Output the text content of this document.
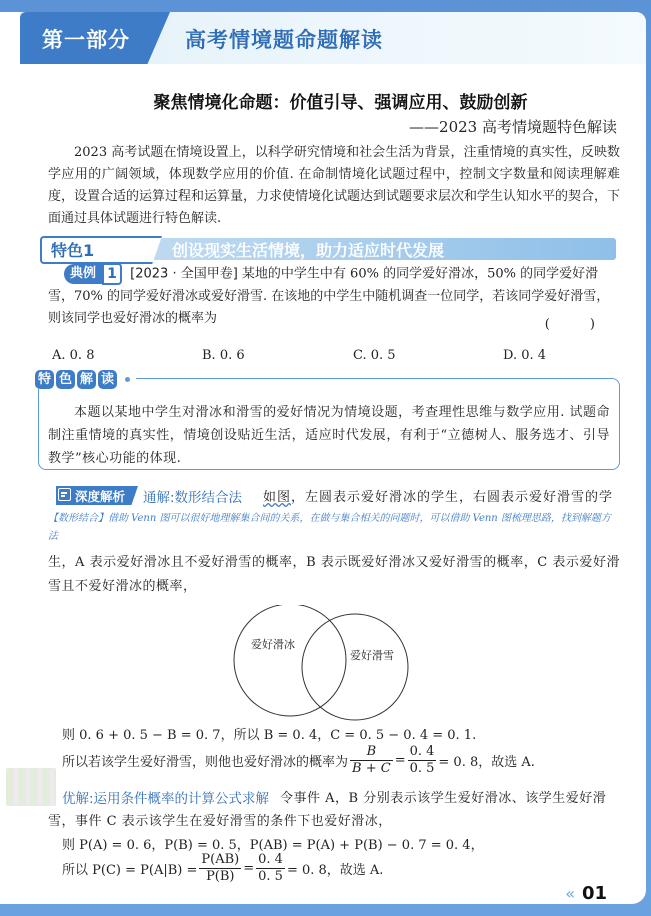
第一部分	高考情境题命题解读
聚焦情境化命题：价值引导、强调应用、鼓励创新
——2023 高考情境题特色解读
2023 高考试题在情境设置上，以科学研究情境和社会生活为背景，注重情境的真实性，反映数学应用的广阔领域，体现数学应用的价值. 在命制情境化试题过程中，控制文字数量和阅读理解难度，设置合适的运算过程和运算量，力求使情境化试题达到试题要求层次和学生认知水平的契合，下面通过具体试题进行特色解读.
特色1	创设现实生活情境，助力适应时代发展
典例 1 [2023 · 全国甲卷] 某地的中学生中有 60% 的同学爱好滑冰，50% 的同学爱好滑雪，70% 的同学爱好滑冰或爱好滑雪. 在该地的中学生中随机调查一位同学，若该同学爱好滑雪，则该同学也爱好滑冰的概率为	( )
A. 0. 8	B. 0. 6	C. 0. 5	D. 0. 4
特 色 解 读
本题以某地中学生对滑冰和滑雪的爱好情况为情境设题，考查理性思维与数学应用. 试题命制注重情境的真实性，情境创设贴近生活，适应时代发展，有利于“立德树人、服务选才、引导教学”核心功能的体现.
深度解析 通解:数形结合法 如图，左圆表示爱好滑冰的学生，右圆表示爱好滑雪的学
【数形结合】借助 Venn 图可以很好地理解集合间的关系，在做与集合相关的问题时，可以借助 Venn 图梳理思路，找到解题方法
生，A 表示爱好滑冰且不爱好滑雪的概率，B 表示既爱好滑冰又爱好滑雪的概率，C 表示爱好滑雪且不爱好滑冰的概率，
爱好滑冰
爱好滑雪
则 0. 6 + 0. 5 − B = 0. 7，所以 B = 0. 4，C = 0. 5 − 0. 4 = 0. 1.
所以若该学生爱好滑雪，则他也爱好滑冰的概率为 $\frac{B}{B + C} = \frac{0. 4}{0. 5} = 0$. 8，故选 A.
优解:运用条件概率的计算公式求解 令事件 A，B 分别表示该学生爱好滑冰、该学生爱好滑
雪，事件 C 表示该学生在爱好滑雪的条件下也爱好滑冰，
则 P(A) = 0. 6，P(B) = 0. 5，P(AB) = P(A) + P(B) − 0. 7 = 0. 4，
所以 $P(C) = P(A|B) = \frac{P(AB)}{P(B)} = \frac{0. 4}{0. 5} = 0$. 8，故选 A.
« 01
